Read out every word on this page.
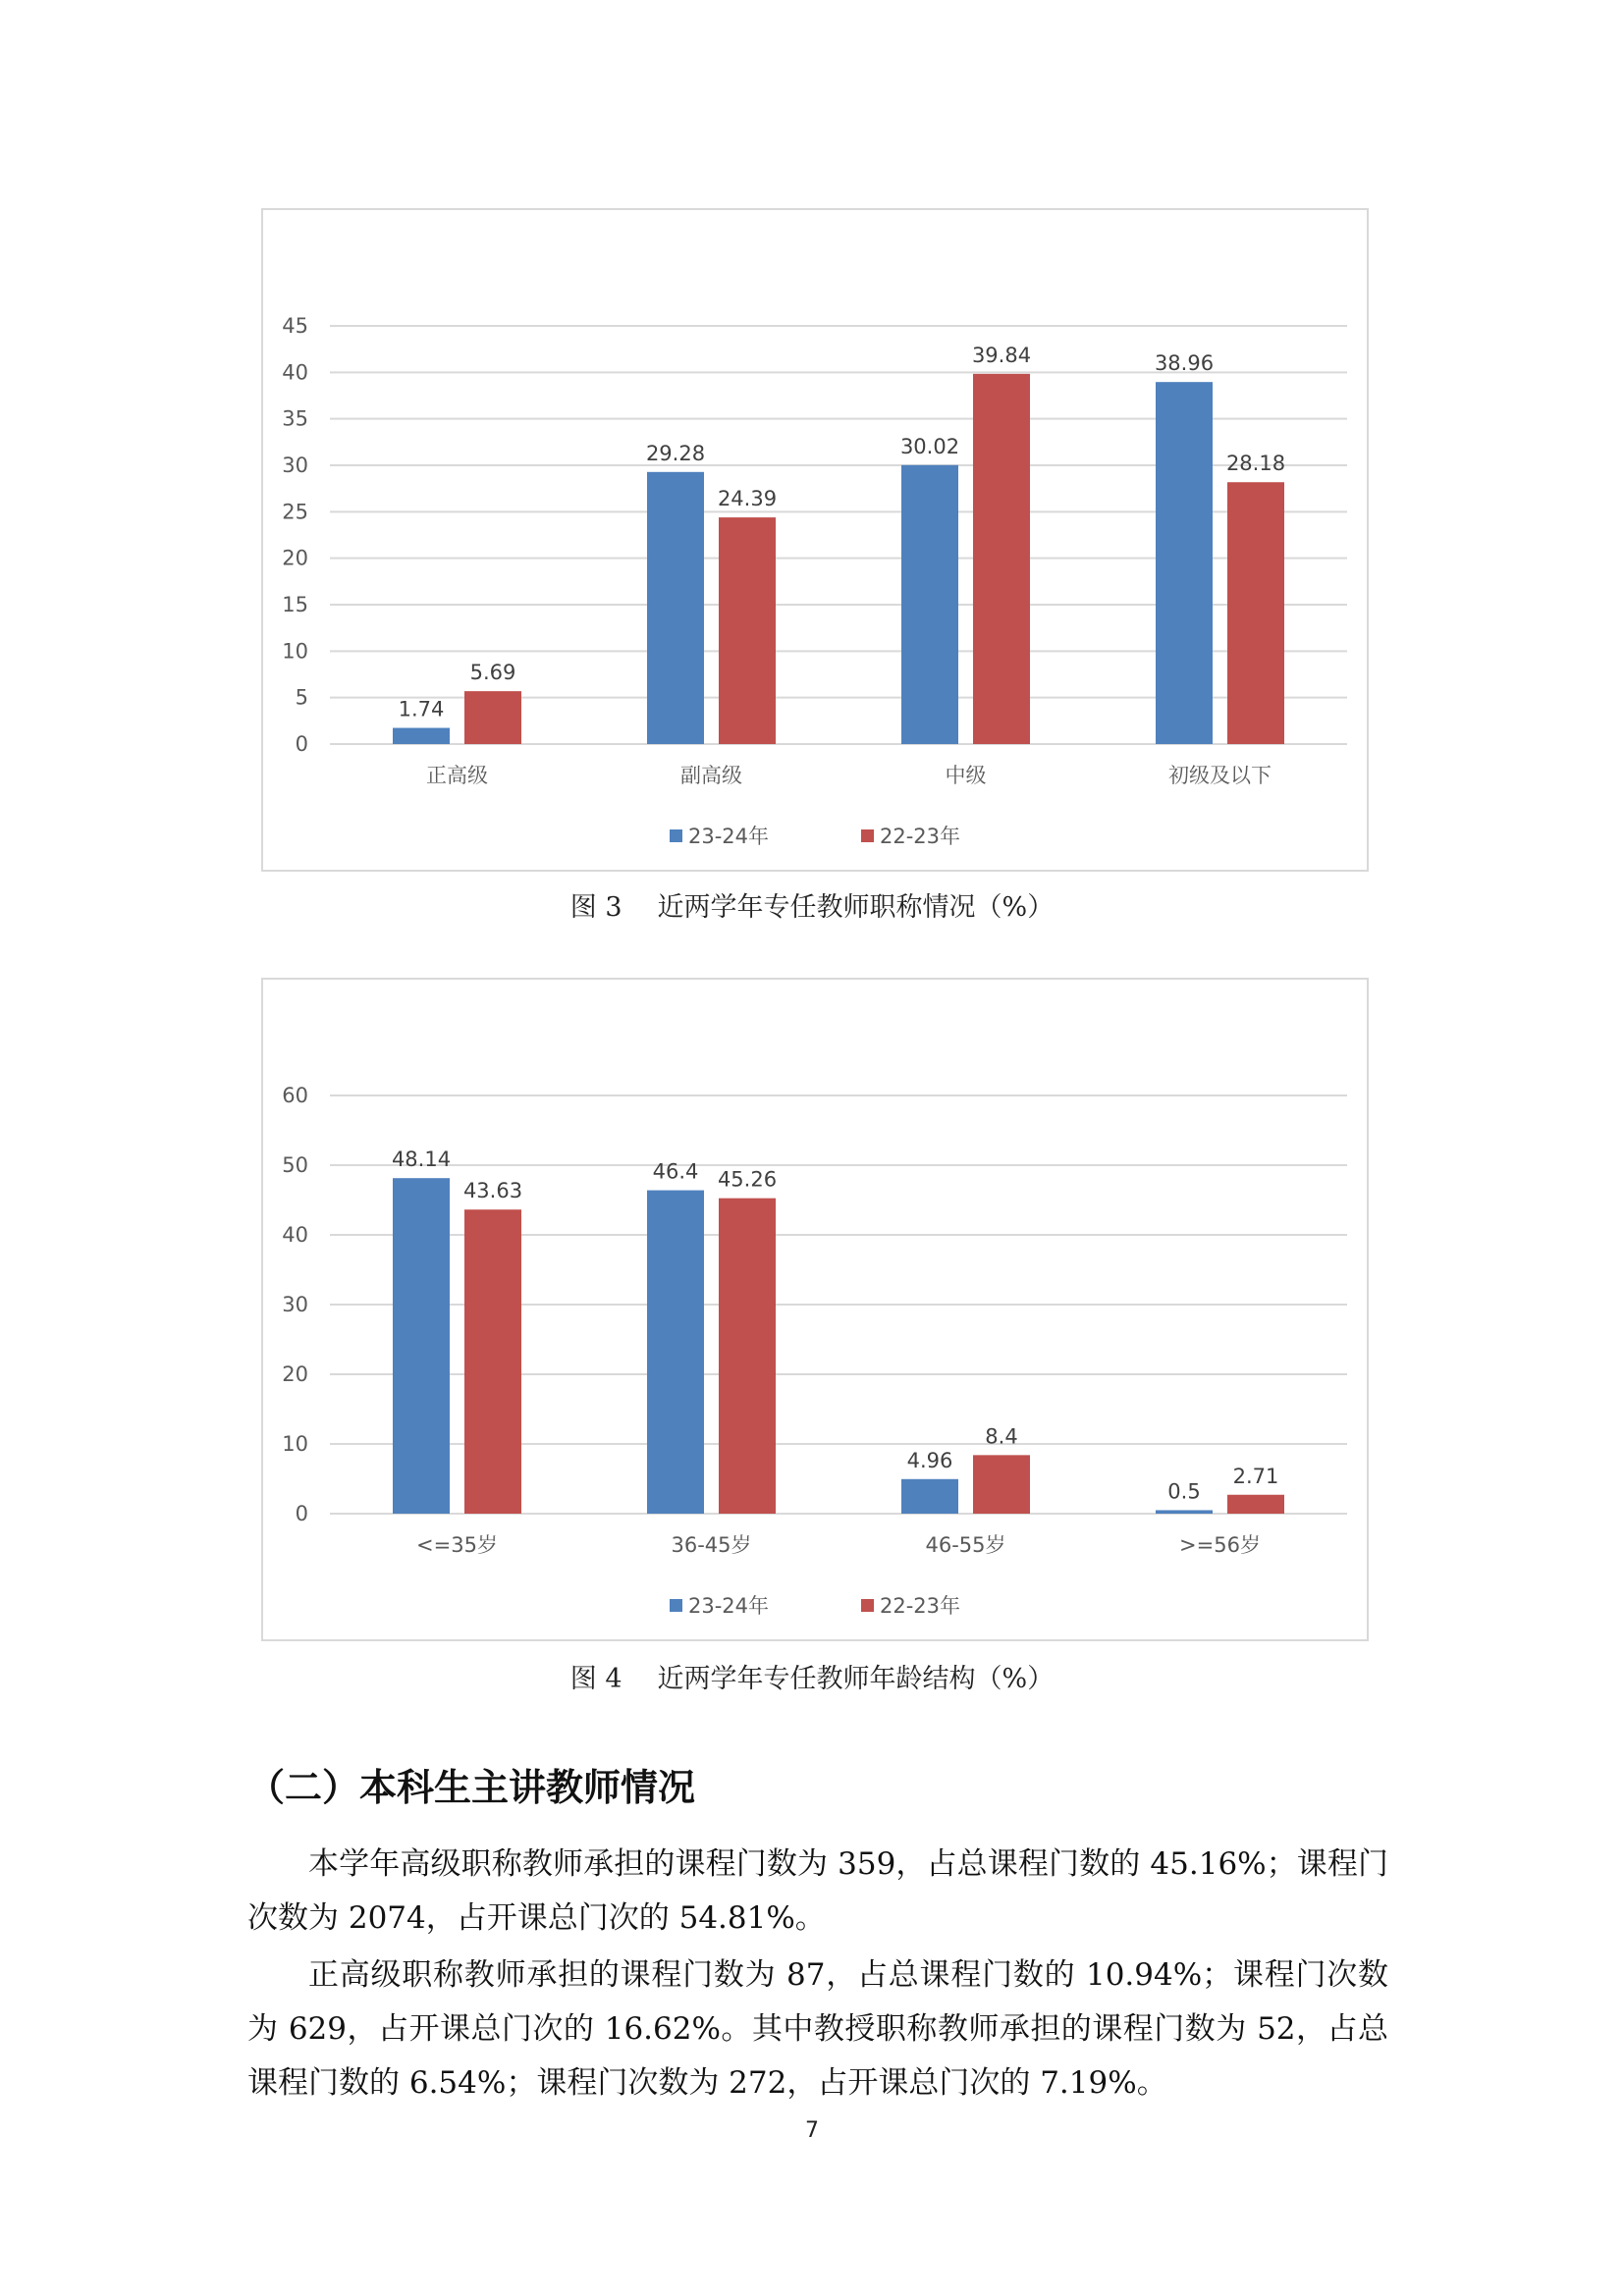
0
5
10
15
20
25
30
35
40
45
1.74
5.69
正高级
29.28
24.39
副高级
30.02
39.84
中级
38.96
28.18
初级及以下
23-24年	22-23年
图 3 近两学年专任教师职称情况（%）
0
10
20
30
40
50
60
48.14
43.63
<=35岁
46.4 45.26
36-45岁
4.96
8.4
46-55岁
0.5
2.71
>=56岁
23-24年	22-23年
图 4 近两学年专任教师年龄结构（%）
（二）本科生主讲教师情况

本学年高级职称教师承担的课程门数为 359，占总课程门数的 45.16%；课程门次数为 2074，占开课总门次的 54.81%。

正高级职称教师承担的课程门数为 87，占总课程门数的 10.94%；课程门次数为 629，占开课总门次的 16.62%。其中教授职称教师承担的课程门数为 52，占总课程门数的 6.54%；课程门次数为 272，占开课总门次的 7.19%。

7
